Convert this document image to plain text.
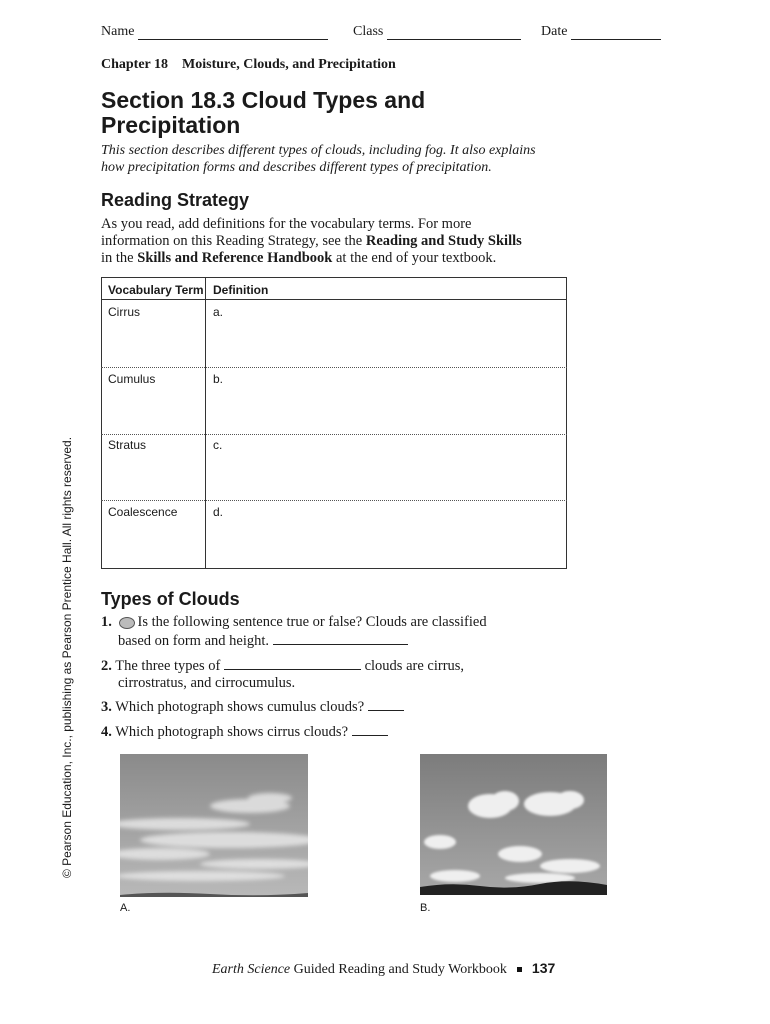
Name	Class	Date
Chapter 18 Moisture, Clouds, and Precipitation
Section 18.3 Cloud Types and
Precipitation
This section describes different types of clouds, including fog. It also explains
how precipitation forms and describes different types of precipitation.
Reading Strategy
As you read, add definitions for the vocabulary terms. For more
information on this Reading Strategy, see the Reading and Study Skills
in the Skills and Reference Handbook at the end of your textbook.
Vocabulary Term Definition
Cirrus	a.
Cumulus	b.
Stratus	c.
Coalescence	d.
Types of Clouds
1. Is the following sentence true or false? Clouds are classified
based on form and height.
2. The three types of	clouds are cirrus,
cirrostratus, and cirrocumulus.
3. Which photograph shows cumulus clouds?
4. Which photograph shows cirrus clouds?
A.	B.
© Pearson Education, Inc., publishing as Pearson Prentice Hall. All rights reserved.
Earth Science Guided Reading and Study Workbook 137
